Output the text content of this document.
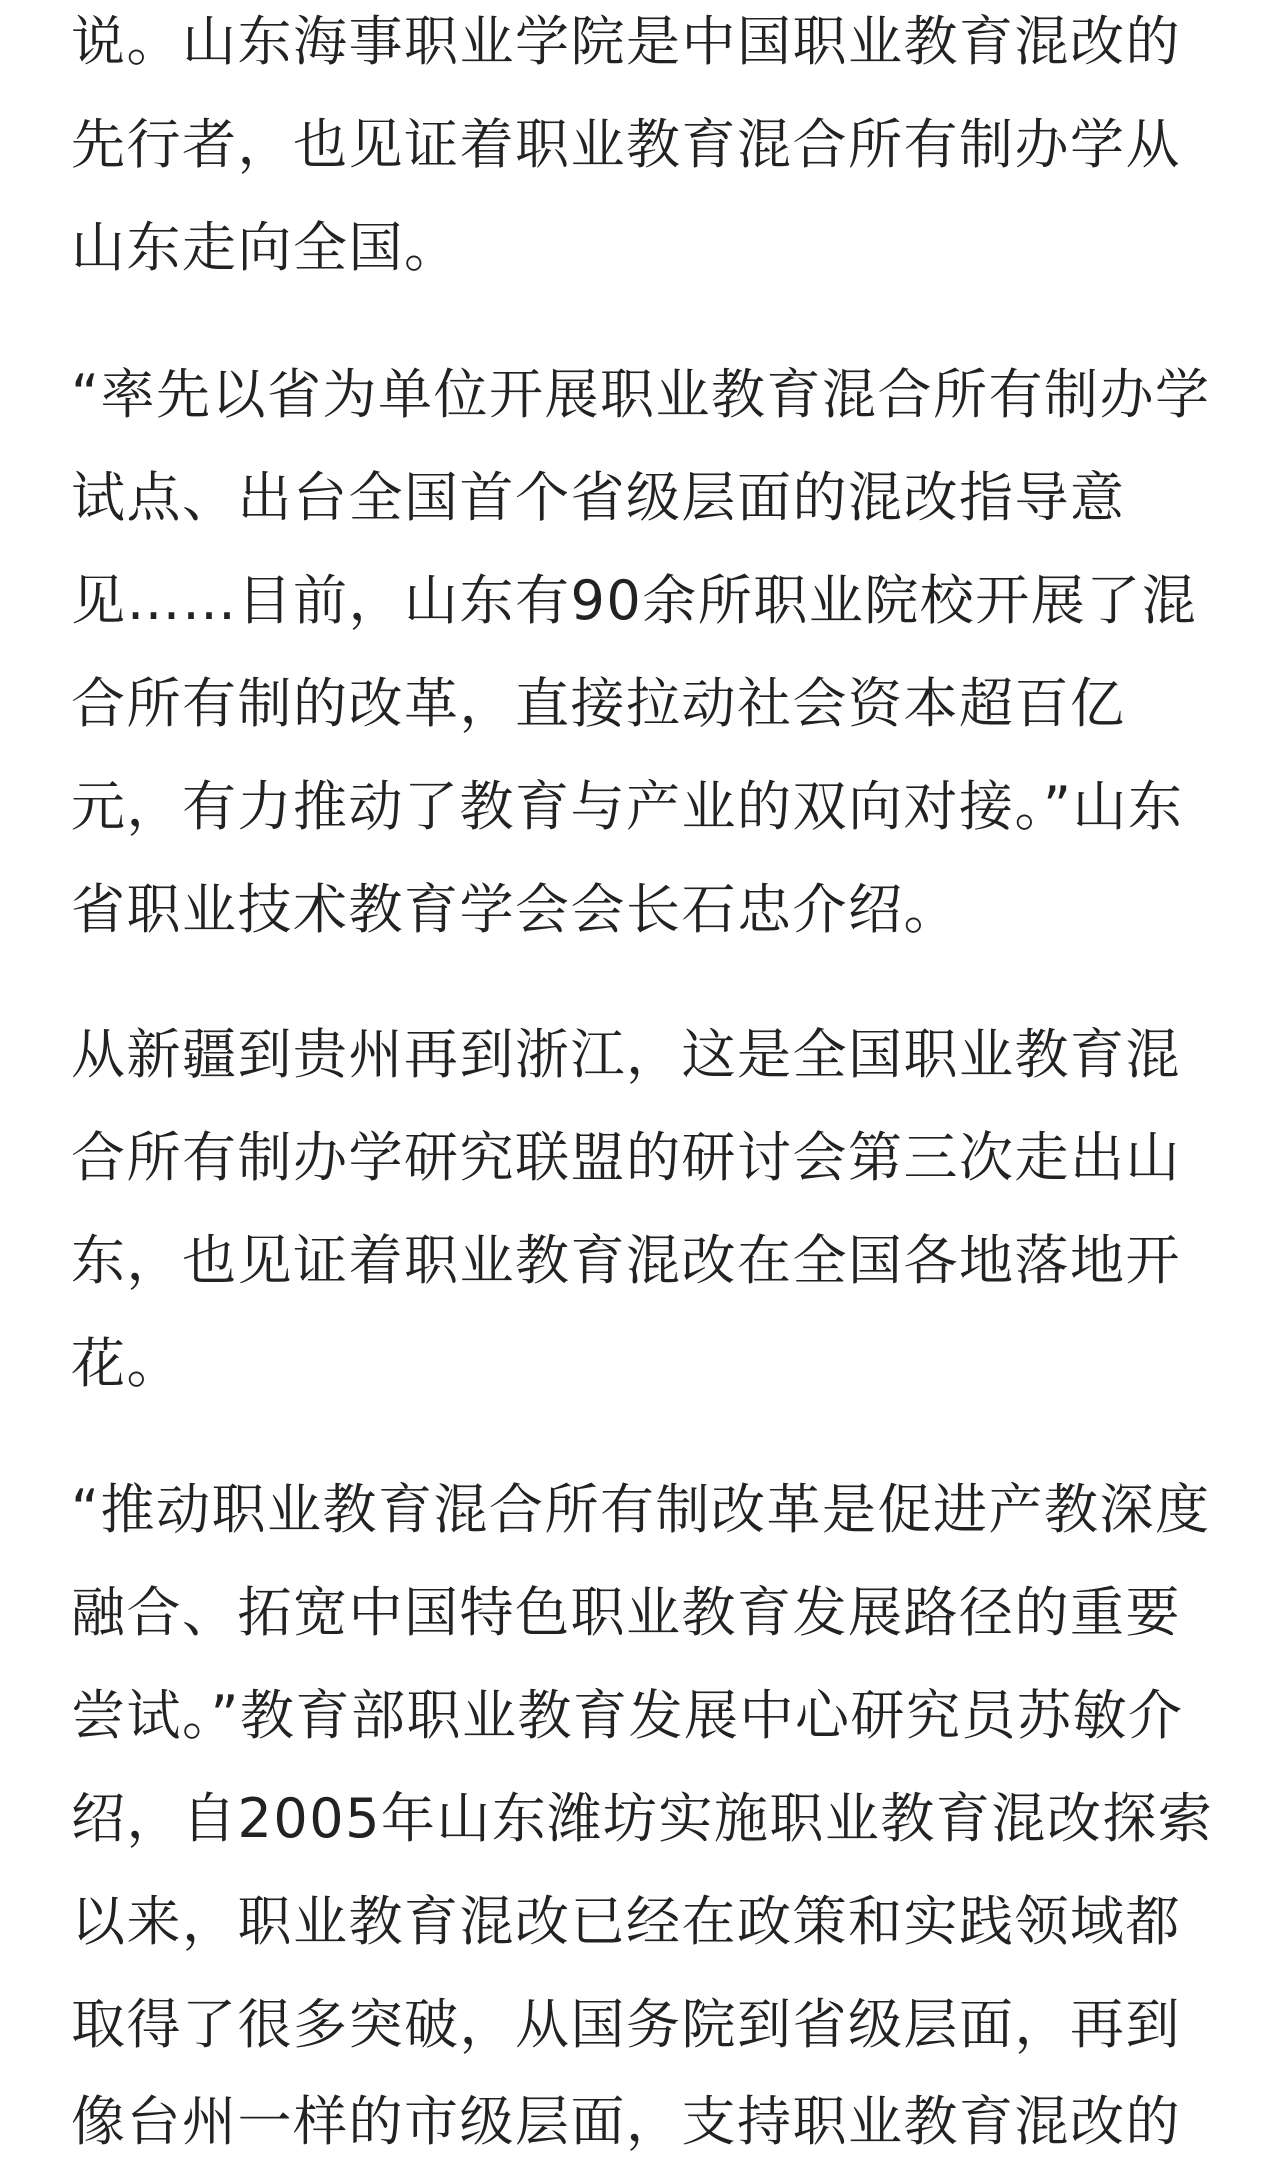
说。山东海事职业学院是中国职业教育混改的
先行者，也见证着职业教育混合所有制办学从
山东走向全国。
“率先以省为单位开展职业教育混合所有制办学
试点、出台全国首个省级层面的混改指导意
见……目前，山东有90余所职业院校开展了混
合所有制的改革，直接拉动社会资本超百亿
元，有力推动了教育与产业的双向对接。”山东
省职业技术教育学会会长石忠介绍。
从新疆到贵州再到浙江，这是全国职业教育混
合所有制办学研究联盟的研讨会第三次走出山
东，也见证着职业教育混改在全国各地落地开
花。
“推动职业教育混合所有制改革是促进产教深度
融合、拓宽中国特色职业教育发展路径的重要
尝试。”教育部职业教育发展中心研究员苏敏介
绍，自2005年山东潍坊实施职业教育混改探索
以来，职业教育混改已经在政策和实践领域都
取得了很多突破，从国务院到省级层面，再到
像台州一样的市级层面，支持职业教育混改的
